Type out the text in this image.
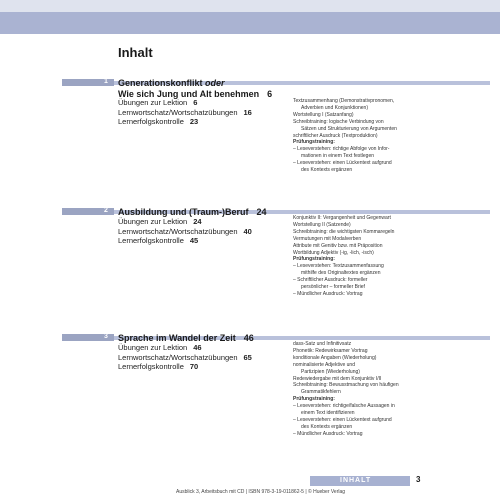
Inhalt
1 Generationskonflikt oder
Wie sich Jung und Alt benehmen 6
Übungen zur Lektion 6
Lernwortschatz/Wortschatzübungen 16
Lernerfolgskontrolle 23
Textzusammenhang (Demonstrativpronomen,
Adverbien und Konjunktionen)
Wortstellung I (Satzanfang)
Schreibtraining: logische Verbindung von
Sätzen und Strukturierung von Argumenten
schriftlicher Ausdruck (Textproduktion)
Prüfungstraining:
– Leseverstehen: richtige Abfolge von Infor-
mationen in einem Text festlegen
– Leseverstehen: einen Lückentext aufgrund
des Kontexts ergänzen
2 Ausbildung und (Traum-)Beruf 24
Übungen zur Lektion 24
Lernwortschatz/Wortschatzübungen 40
Lernerfolgskontrolle 45
Konjunktiv II: Vergangenheit und Gegenwart
Wortstellung II (Satzende)
Schreibtraining: die wichtigsten Kommaregeln
Vermutungen mit Modalverben
Attribute mit Genitiv bzw. mit Präposition
Wortbildung Adjektiv (-ig, -lich, -isch)
Prüfungstraining:
– Leseverstehen: Textzusammenfassung
mithilfe des Originaltextes ergänzen
– Schriftlicher Ausdruck: formeller
persönlicher – formeller Brief
– Mündlicher Ausdruck: Vortrag
3 Sprache im Wandel der Zeit 46
Übungen zur Lektion 46
Lernwortschatz/Wortschatzübungen 65
Lernerfolgskontrolle 70
dass-Satz und Infinitivsatz
Phonetik: Redewirksamer Vortrag
konditionale Angaben (Wiederholung)
nominalisierte Adjektive und
Partizipien (Wiederholung)
Redewiedergabe mit dem Konjunktiv I/II
Schreibtraining: Bewusstmachung von häufigen
Grammatikfehlern
Prüfungstraining:
– Leseverstehen: richtige/falsche Aussagen in
einem Text identifizieren
– Leseverstehen: einen Lückentext aufgrund
des Kontexts ergänzen
– Mündlicher Ausdruck: Vortrag
INHALT	3
Ausblick 3, Arbeitsbuch mit CD | ISBN 978-3-19-011862-5 | © Hueber Verlag
